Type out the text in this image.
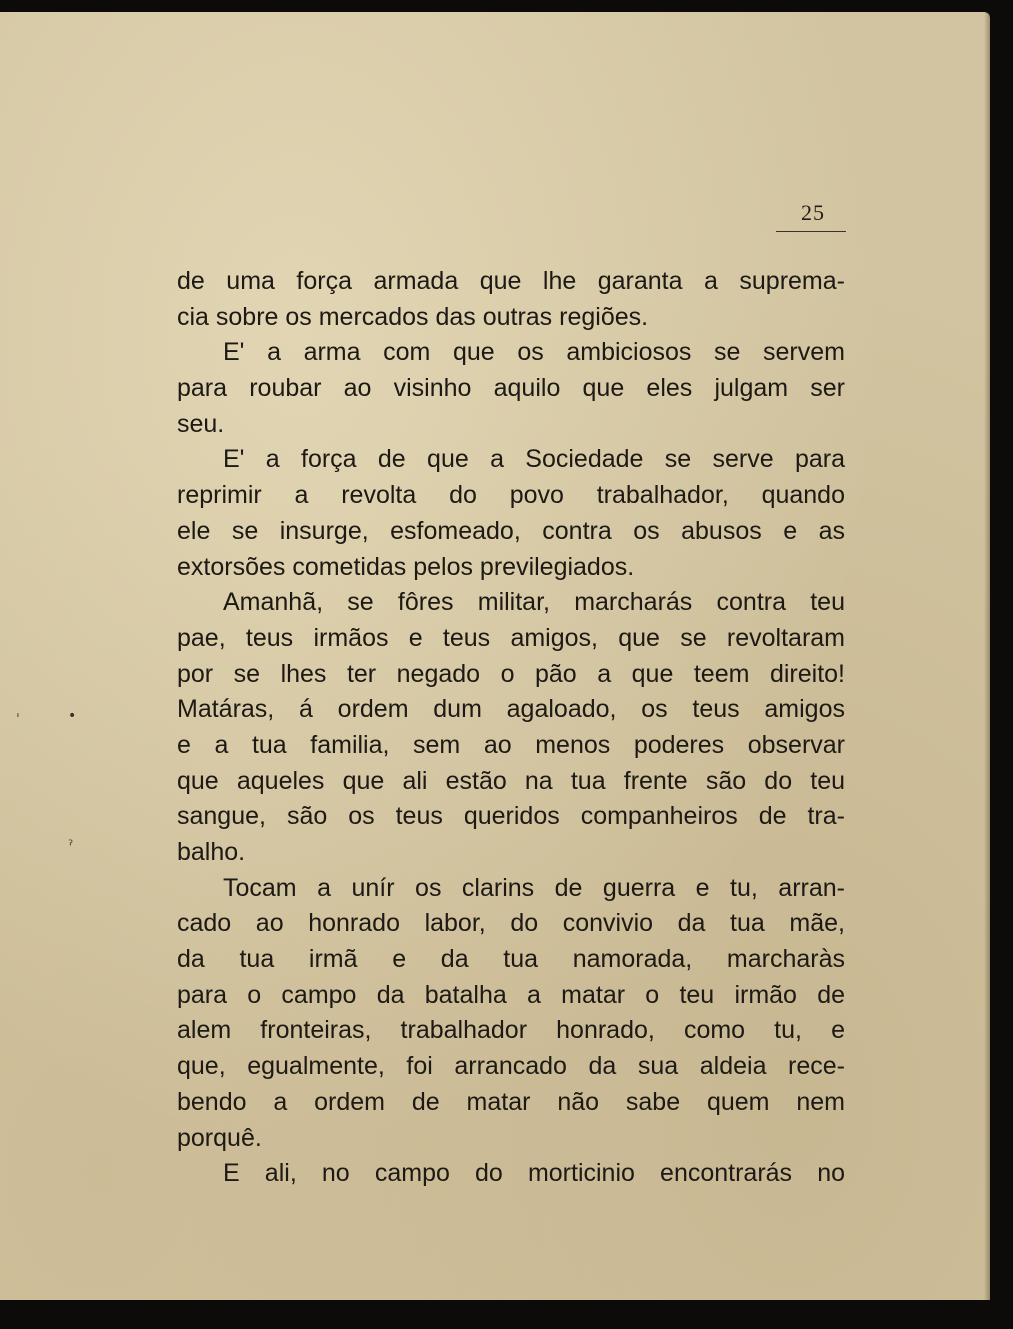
25
de uma força armada que lhe garanta a suprema-
cia sobre os mercados das outras regiões.
E' a arma com que os ambiciosos se servem
para roubar ao visinho aquilo que eles julgam ser
seu.
E' a força de que a Sociedade se serve para
reprimir a revolta do povo trabalhador, quando
ele se insurge, esfomeado, contra os abusos e as
extorsões cometidas pelos previlegiados.
Amanhã, se fôres militar, marcharás contra teu
pae, teus irmãos e teus amigos, que se revoltaram
por se lhes ter negado o pão a que teem direito!
Matáras, á ordem dum agaloado, os teus amigos
e a tua familia, sem ao menos poderes observar
que aqueles que ali estão na tua frente são do teu
sangue, são os teus queridos companheiros de tra-
balho.
Tocam a unír os clarins de guerra e tu, arran-
cado ao honrado labor, do convivio da tua mãe,
da tua irmã e da tua namorada, marcharàs
para o campo da batalha a matar o teu irmão de
alem fronteiras, trabalhador honrado, como tu, e
que, egualmente, foi arrancado da sua aldeia rece-
bendo a ordem de matar não sabe quem nem
porquê.
E ali, no campo do morticinio encontrarás no
ˈ	•
ˀ
